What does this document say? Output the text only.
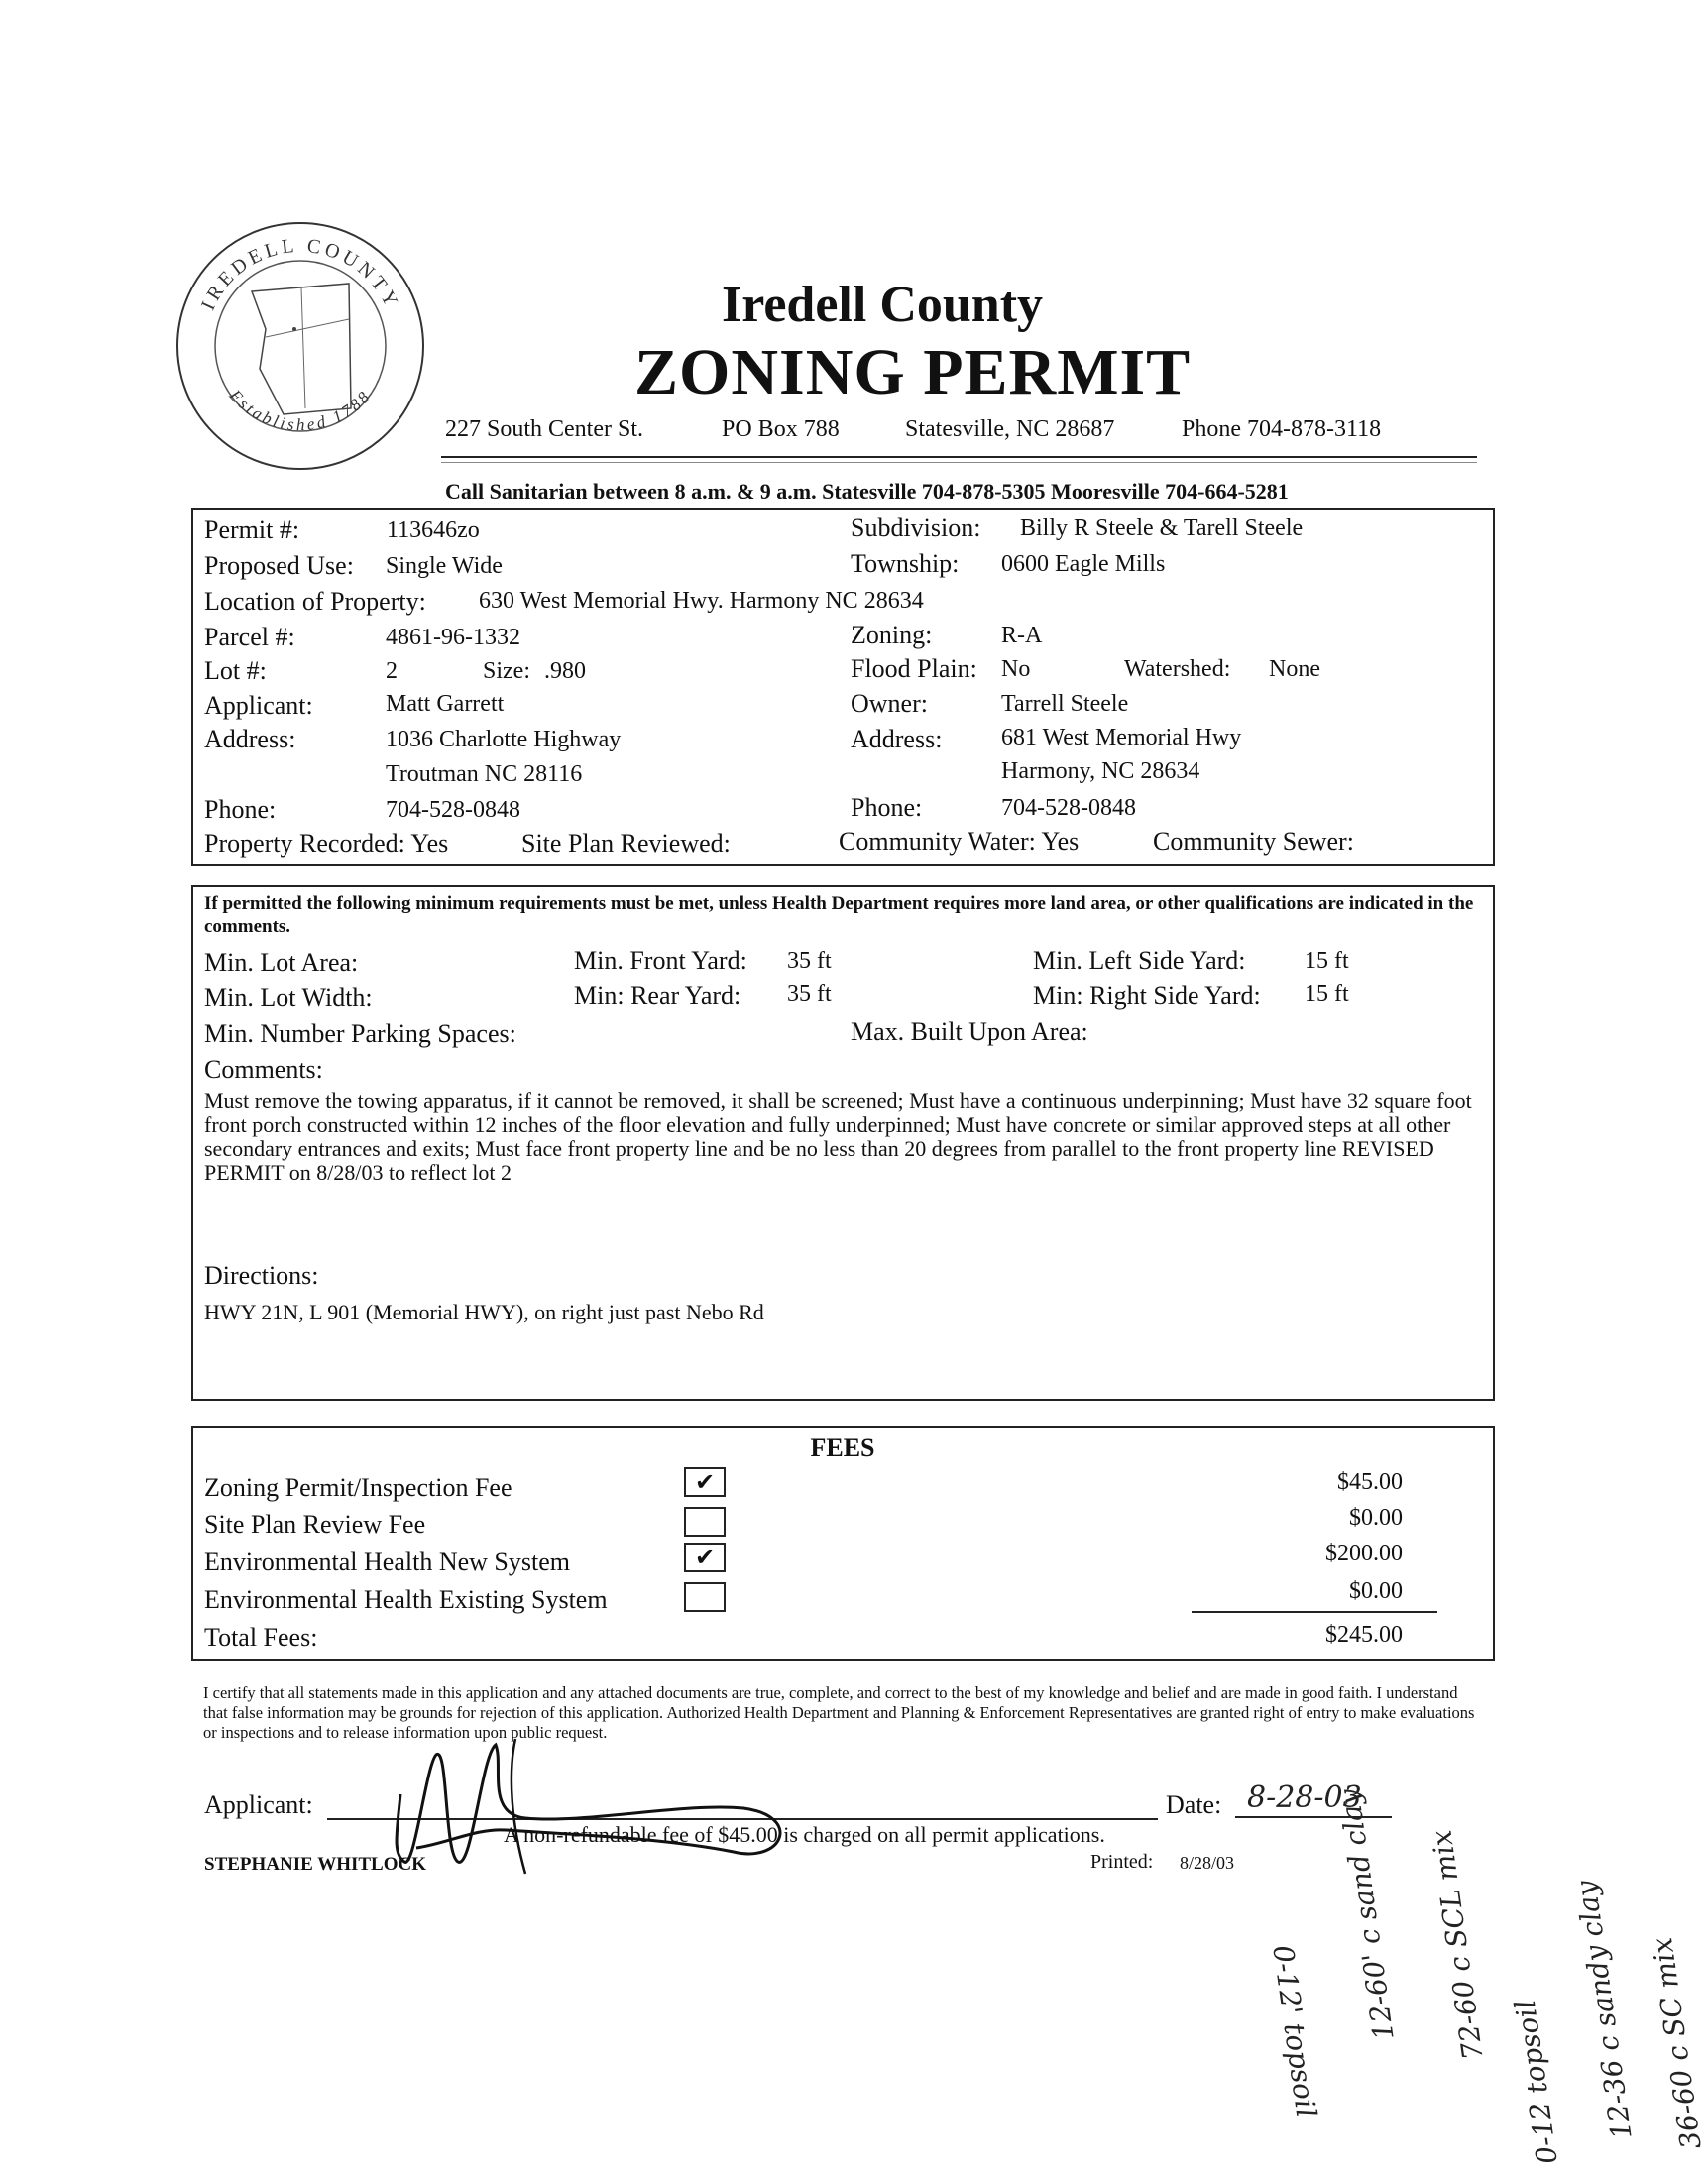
IREDELL COUNTY
Established 1788
Iredell County
ZONING PERMIT
227 South Center St.	PO Box 788	Statesville, NC 28687	Phone 704-878-3118
Call Sanitarian between 8 a.m. & 9 a.m. Statesville 704-878-5305 Mooresville 704-664-5281
Permit #:	113646zo	Subdivision: Billy R Steele & Tarell Steele
Proposed Use: Single Wide	Township: 0600 Eagle Mills
Location of Property: 630 West Memorial Hwy. Harmony NC 28634
Parcel #:	4861-96-1332	Zoning:	R-A
Lot #:	2	Size: .980	Flood Plain: No	Watershed: None
Applicant:	Matt Garrett	Owner:	Tarrell Steele
Address:	1036 Charlotte Highway	Address: 681 West Memorial Hwy
Troutman NC 28116	Harmony, NC 28634
Phone:	704-528-0848	Phone:	704-528-0848
Property Recorded: Yes	Site Plan Reviewed:	Community Water: Yes	Community Sewer:
If permitted the following minimum requirements must be met, unless Health Department requires more land area, or other qualifications are indicated in the comments.
Min. Lot Area:	Min. Front Yard: 35 ft	Min. Left Side Yard: 15 ft
Min. Lot Width:	Min: Rear Yard: 35 ft	Min: Right Side Yard: 15 ft
Min. Number Parking Spaces:	Max. Built Upon Area:
Comments:
Must remove the towing apparatus, if it cannot be removed, it shall be screened; Must have a continuous underpinning; Must have 32 square foot front porch constructed within 12 inches of the floor elevation and fully underpinned; Must have concrete or similar approved steps at all other secondary entrances and exits; Must face front property line and be no less than 20 degrees from parallel to the front property line REVISED PERMIT on 8/28/03 to reflect lot 2
Directions:
HWY 21N, L 901 (Memorial HWY), on right just past Nebo Rd
FEES
Zoning Permit/Inspection Fee	✔	$45.00
Site Plan Review Fee	$0.00
Environmental Health New System	✔	$200.00
Environmental Health Existing System	$0.00
Total Fees:	$245.00
I certify that all statements made in this application and any attached documents are true, complete, and correct to the best of my knowledge and belief and are made in good faith. I understand that false information may be grounds for rejection of this application. Authorized Health Department and Planning & Enforcement Representatives are granted right of entry to make evaluations or inspections and to release information upon public request.
Applicant:	Date: 8-28-03
A non-refundable fee of $45.00 is charged on all permit applications.
STEPHANIE WHITLOCK	Printed: 8/28/03
0-12' topsoil 12-60' c sand clay 72-60 c SCL mix
0-12 topsoil 12-36 c sandy clay 36-60 c SC mix
